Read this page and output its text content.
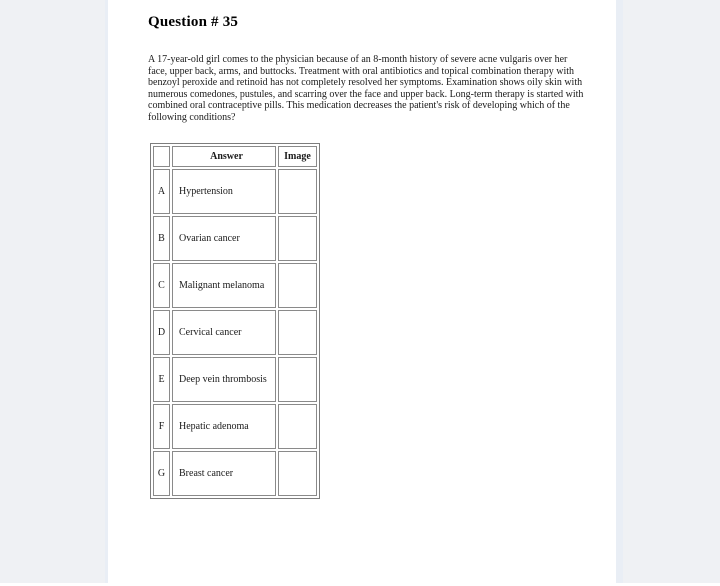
Question # 35
A 17-year-old girl comes to the physician because of an 8-month history of severe acne vulgaris over her face, upper back, arms, and buttocks. Treatment with oral antibiotics and topical combination therapy with benzoyl peroxide and retinoid has not completely resolved her symptoms. Examination shows oily skin with numerous comedones, pustules, and scarring over the face and upper back. Long-term therapy is started with combined oral contraceptive pills. This medication decreases the patient's risk of developing which of the following conditions?
	Answer	Image
A	Hypertension	
B	Ovarian cancer	
C	Malignant melanoma	
D	Cervical cancer	
E	Deep vein thrombosis	
F	Hepatic adenoma	
G	Breast cancer	
